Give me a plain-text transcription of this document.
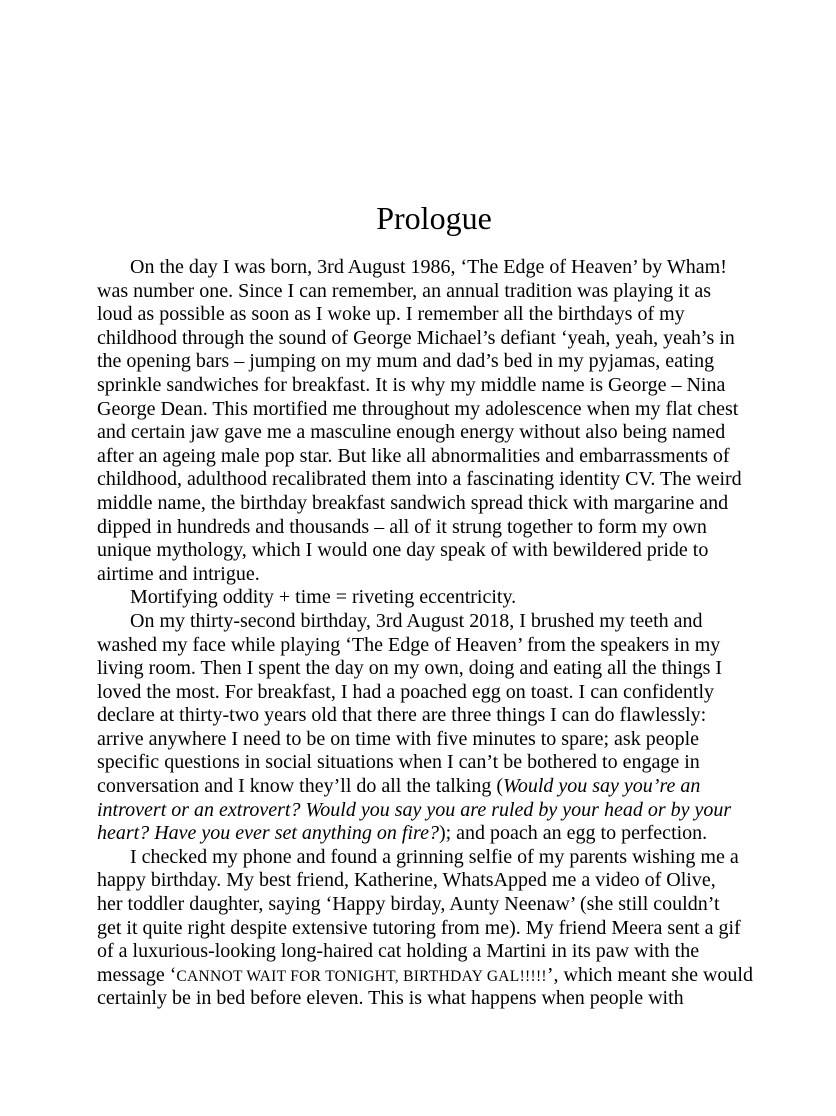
Prologue
On the day I was born, 3rd August 1986, ‘The Edge of Heaven’ by Wham!
was number one. Since I can remember, an annual tradition was playing it as
loud as possible as soon as I woke up. I remember all the birthdays of my
childhood through the sound of George Michael’s defiant ‘yeah, yeah, yeah’s in
the opening bars – jumping on my mum and dad’s bed in my pyjamas, eating
sprinkle sandwiches for breakfast. It is why my middle name is George – Nina
George Dean. This mortified me throughout my adolescence when my flat chest
and certain jaw gave me a masculine enough energy without also being named
after an ageing male pop star. But like all abnormalities and embarrassments of
childhood, adulthood recalibrated them into a fascinating identity CV. The weird
middle name, the birthday breakfast sandwich spread thick with margarine and
dipped in hundreds and thousands – all of it strung together to form my own
unique mythology, which I would one day speak of with bewildered pride to
airtime and intrigue.
Mortifying oddity + time = riveting eccentricity.
On my thirty-second birthday, 3rd August 2018, I brushed my teeth and
washed my face while playing ‘The Edge of Heaven’ from the speakers in my
living room. Then I spent the day on my own, doing and eating all the things I
loved the most. For breakfast, I had a poached egg on toast. I can confidently
declare at thirty-two years old that there are three things I can do flawlessly:
arrive anywhere I need to be on time with five minutes to spare; ask people
specific questions in social situations when I can’t be bothered to engage in
conversation and I know they’ll do all the talking (Would you say you’re an
introvert or an extrovert? Would you say you are ruled by your head or by your
heart? Have you ever set anything on fire?); and poach an egg to perfection.
I checked my phone and found a grinning selfie of my parents wishing me a
happy birthday. My best friend, Katherine, WhatsApped me a video of Olive,
her toddler daughter, saying ‘Happy birday, Aunty Neenaw’ (she still couldn’t
get it quite right despite extensive tutoring from me). My friend Meera sent a gif
of a luxurious-looking long-haired cat holding a Martini in its paw with the
message ‘CANNOT WAIT FOR TONIGHT, BIRTHDAY GAL!!!!!’, which meant she would
certainly be in bed before eleven. This is what happens when people with
